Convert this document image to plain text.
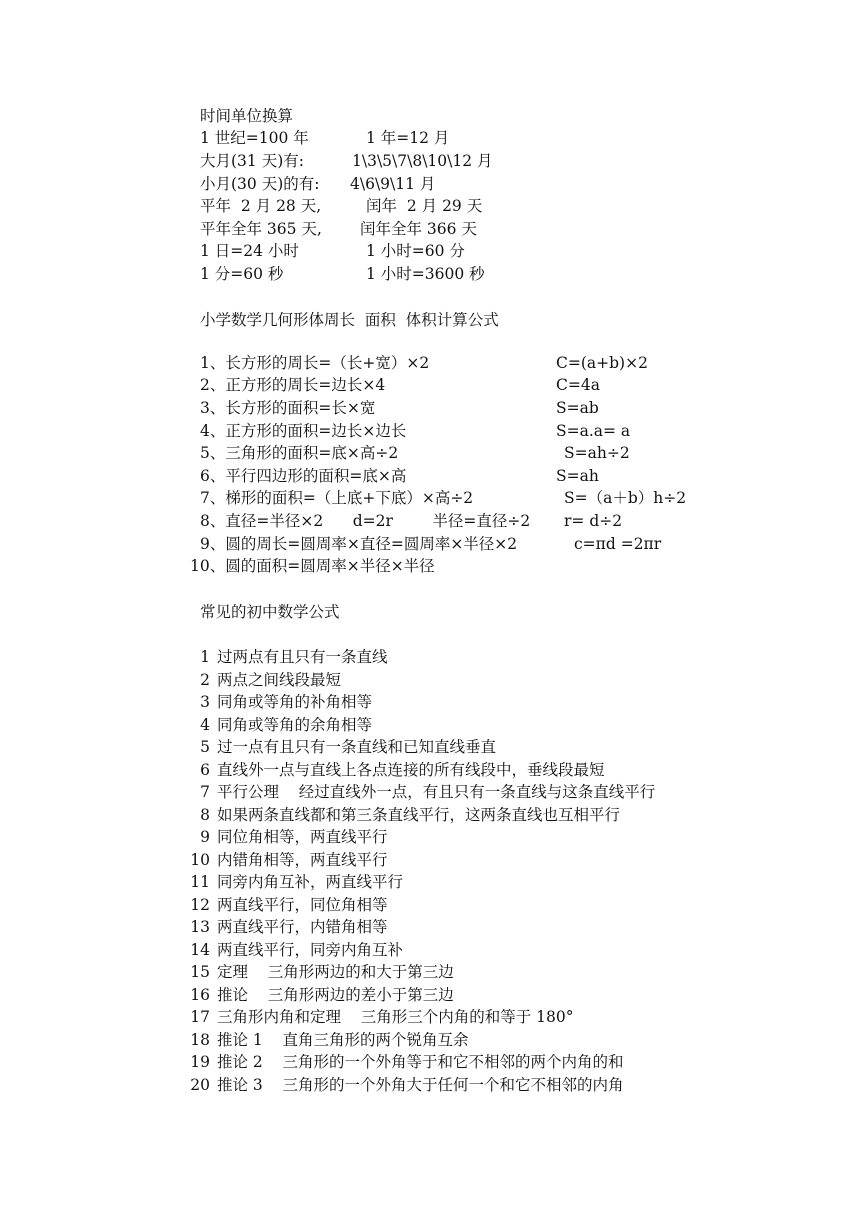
时间单位换算
1 世纪=100 年	1 年=12 月
大月(31 天)有:	1\3\5\7\8\10\12 月
小月(30 天)的有: 4\6\9\11 月
平年  2 月 28 天,	闰年  2 月 29 天
平年全年 365 天, 闰年全年 366 天
1 日=24 小时	1 小时=60 分
1 分=60 秒	1 小时=3600 秒
小学数学几何形体周长  面积  体积计算公式
1、长方形的周长=（长+宽）×2	C=(a+b)×2
2、正方形的周长=边长×4	C=4a
3、长方形的面积=长×宽	S=ab
4、正方形的面积=边长×边长	S=a.a= a
5、三角形的面积=底×高÷2	S=ah÷2
6、平行四边形的面积=底×高	S=ah
7、梯形的面积=（上底+下底）×高÷2	S=（a＋b）h÷2
8、直径=半径×2      d=2r        半径=直径÷2 r= d÷2
9、圆的周长=圆周率×直径=圆周率×半径×2	c=πd =2πr
10、圆的面积=圆周率×半径×半径
常见的初中数学公式
1 过两点有且只有一条直线
2 两点之间线段最短
3 同角或等角的补角相等
4 同角或等角的余角相等
5 过一点有且只有一条直线和已知直线垂直
6 直线外一点与直线上各点连接的所有线段中，垂线段最短
7 平行公理    经过直线外一点，有且只有一条直线与这条直线平行
8 如果两条直线都和第三条直线平行，这两条直线也互相平行
9 同位角相等，两直线平行
10 内错角相等，两直线平行
11 同旁内角互补，两直线平行
12 两直线平行，同位角相等
13 两直线平行，内错角相等
14 两直线平行，同旁内角互补
15 定理    三角形两边的和大于第三边
16 推论    三角形两边的差小于第三边
17 三角形内角和定理    三角形三个内角的和等于 180°
18 推论 1    直角三角形的两个锐角互余
19 推论 2    三角形的一个外角等于和它不相邻的两个内角的和
20 推论 3    三角形的一个外角大于任何一个和它不相邻的内角
